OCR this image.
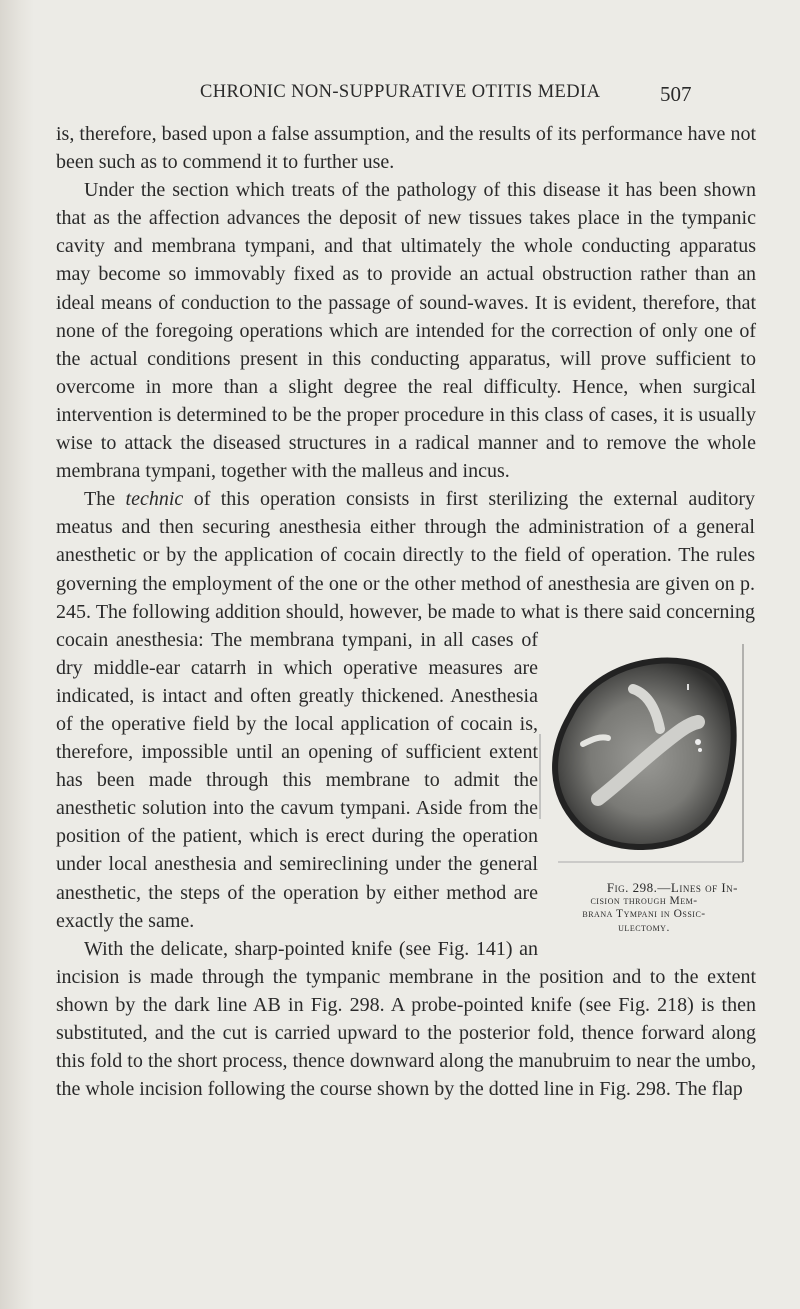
CHRONIC NON-SUPPURATIVE OTITIS MEDIA	507

is, therefore, based upon a false assumption, and the results of its performance have not been such as to commend it to further use.

Under the section which treats of the pathology of this disease it has been shown that as the affection advances the deposit of new tissues takes place in the tympanic cavity and membrana tympani, and that ultimately the whole conducting apparatus may become so immovably fixed as to provide an actual obstruction rather than an ideal means of conduction to the passage of sound-waves. It is evident, therefore, that none of the foregoing operations which are intended for the correction of only one of the actual conditions present in this conducting apparatus, will prove sufficient to overcome in more than a slight degree the real difficulty. Hence, when surgical intervention is determined to be the proper procedure in this class of cases, it is usually wise to attack the diseased structures in a radical manner and to remove the whole membrana tympani, together with the malleus and incus.

The technic of this operation consists in first sterilizing the external auditory meatus and then securing anesthesia either through the administration of a general anesthetic or by the application of cocain directly to the field of operation. The rules governing the employment of the one or the other method of anesthesia are given on p. 245. The following addition should, however, be made to what is there said concerning cocain anesthesia: The membrana tympani, in all cases of dry middle-ear catarrh in which operative measures are indicated, is intact and often greatly thickened. Anesthesia of the operative field by the local application of cocain is, therefore, impossible until an opening of sufficient extent has been made through this membrane to admit the anesthetic solution into the cavum tympani. Aside from the position of the patient, which is erect during the operation under local anesthesia and semireclining under the general anesthetic, the steps of the operation by either method are exactly the same.

With the delicate, sharp-pointed knife (see Fig. 141) an incision is made through the tympanic membrane in the position and to the extent shown by the dark line AB in Fig. 298. A probe-pointed knife (see Fig. 218) is then substituted, and the cut is carried upward to the posterior fold, thence forward along this fold to the short process, thence downward along the manubruim to near the umbo, the whole incision following the course shown by the dotted line in Fig. 298. The flap

Fig. 298.—Lines of In-
cision through Mem-
brana Tympani in Ossic-
ulectomy.
